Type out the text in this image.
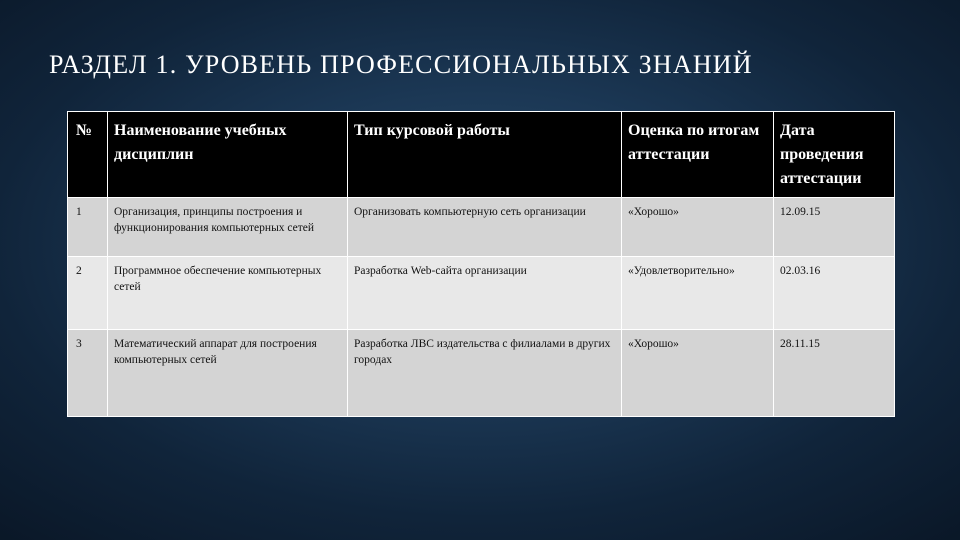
РАЗДЕЛ 1. УРОВЕНЬ ПРОФЕССИОНАЛЬНЫХ ЗНАНИЙ
№	Наименование учебных дисциплин	Тип курсовой работы	Оценка по итогам аттестации	Дата проведения аттестации
1	Организация, принципы построения и функционирования компьютерных сетей	Организовать компьютерную сеть организации	«Хорошо»	12.09.15
2	Программное обеспечение компьютерных сетей	Разработка Web-сайта организации	«Удовлетворительно»	02.03.16
3	Математический аппарат для построения компьютерных сетей	Разработка ЛВС издательства с филиалами в других городах	«Хорошо»	28.11.15
